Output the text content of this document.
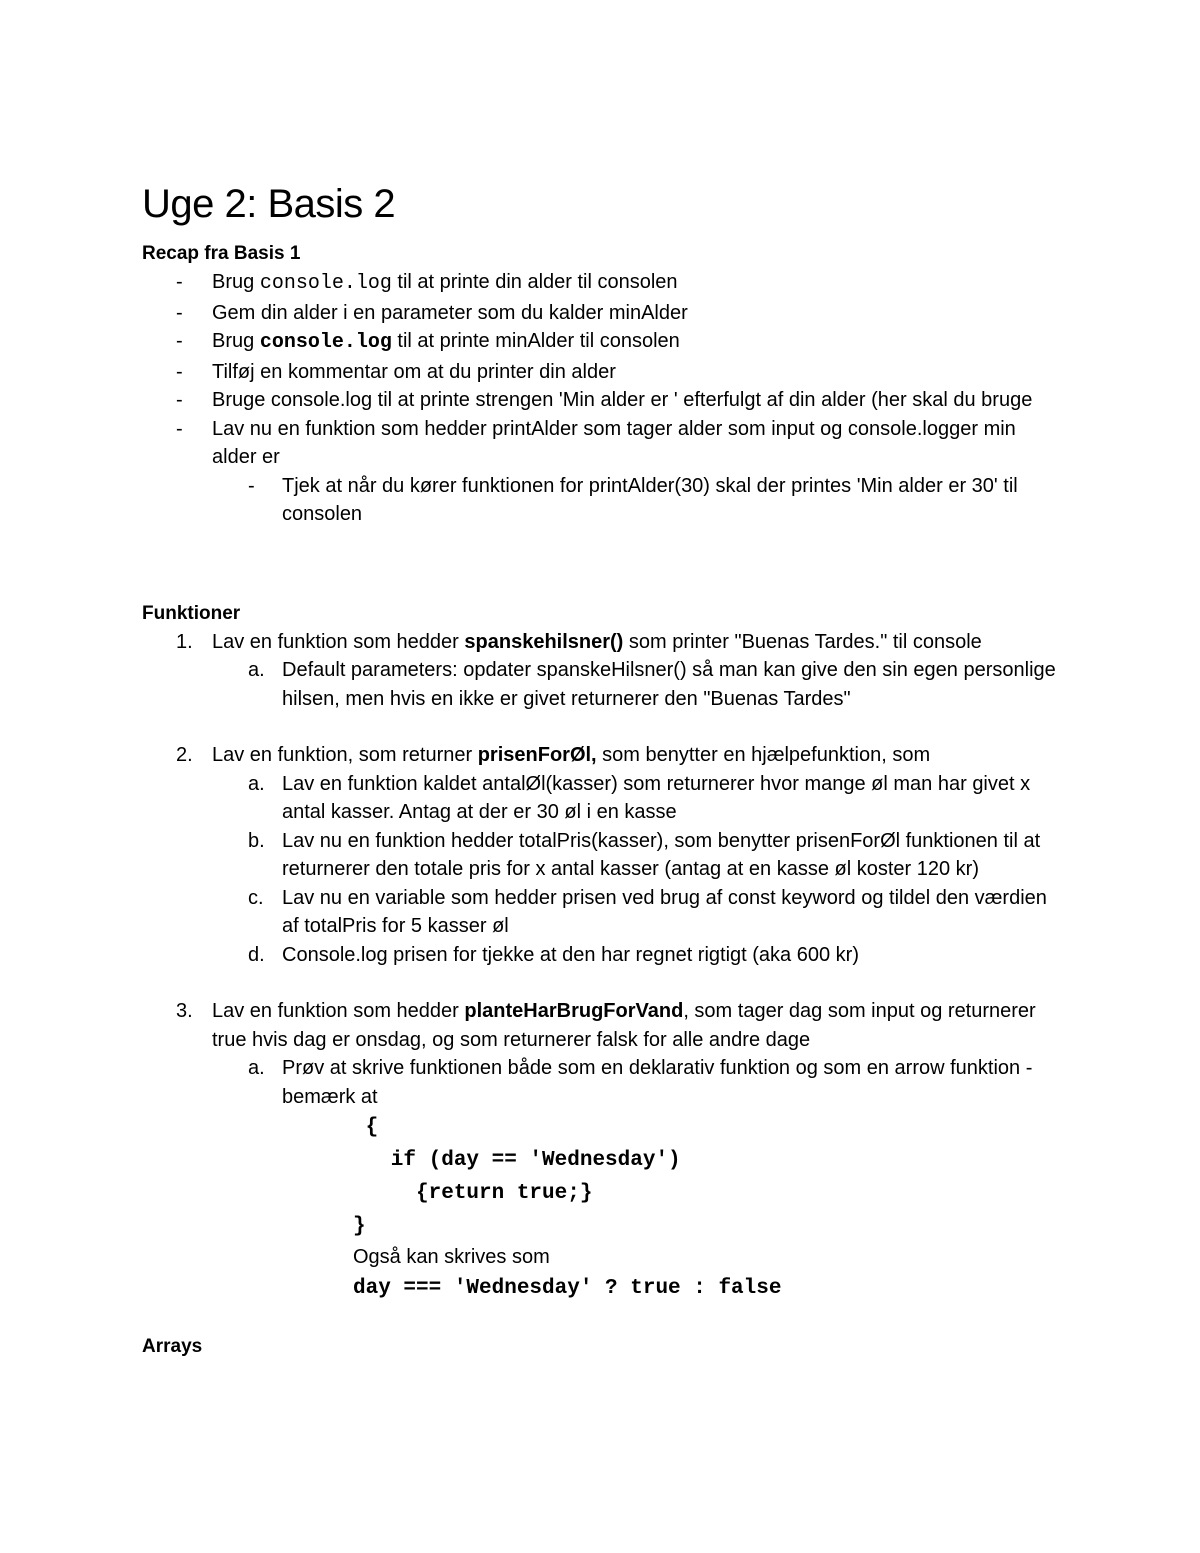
Uge 2: Basis 2
Recap fra Basis 1
- Brug console.log til at printe din alder til consolen
- Gem din alder i en parameter som du kalder minAlder
- Brug console.log til at printe minAlder til consolen
- Tilføj en kommentar om at du printer din alder
- Bruge console.log til at printe strengen 'Min alder er ' efterfulgt af din alder (her skal du bruge
- Lav nu en funktion som hedder printAlder som tager alder som input og console.logger min alder er
- Tjek at når du kører funktionen for printAlder(30) skal der printes 'Min alder er 30' til consolen
Funktioner
1. Lav en funktion som hedder spanskehilsner() som printer "Buenas Tardes." til console
a. Default parameters: opdater spanskeHilsner() så man kan give den sin egen personlige hilsen, men hvis en ikke er givet returnerer den "Buenas Tardes"
2. Lav en funktion, som returner prisenForØl, som benytter en hjælpefunktion, som
a. Lav en funktion kaldet antalØl(kasser) som returnerer hvor mange øl man har givet x antal kasser. Antag at der er 30 øl i en kasse
b. Lav nu en funktion hedder totalPris(kasser), som benytter prisenForØl funktionen til at returnerer den totale pris for x antal kasser (antag at en kasse øl koster 120 kr)
c. Lav nu en variable som hedder prisen ved brug af const keyword og tildel den værdien af totalPris for 5 kasser øl
d. Console.log prisen for tjekke at den har regnet rigtigt (aka 600 kr)
3. Lav en funktion som hedder planteHarBrugForVand, som tager dag som input og returnerer true hvis dag er onsdag, og som returnerer falsk for alle andre dage
a. Prøv at skrive funktionen både som en deklarativ funktion og som en arrow funktion - bemærk at
{
if (day == 'Wednesday')
{return true;}
}
Også kan skrives som
day === 'Wednesday' ? true : false
Arrays
